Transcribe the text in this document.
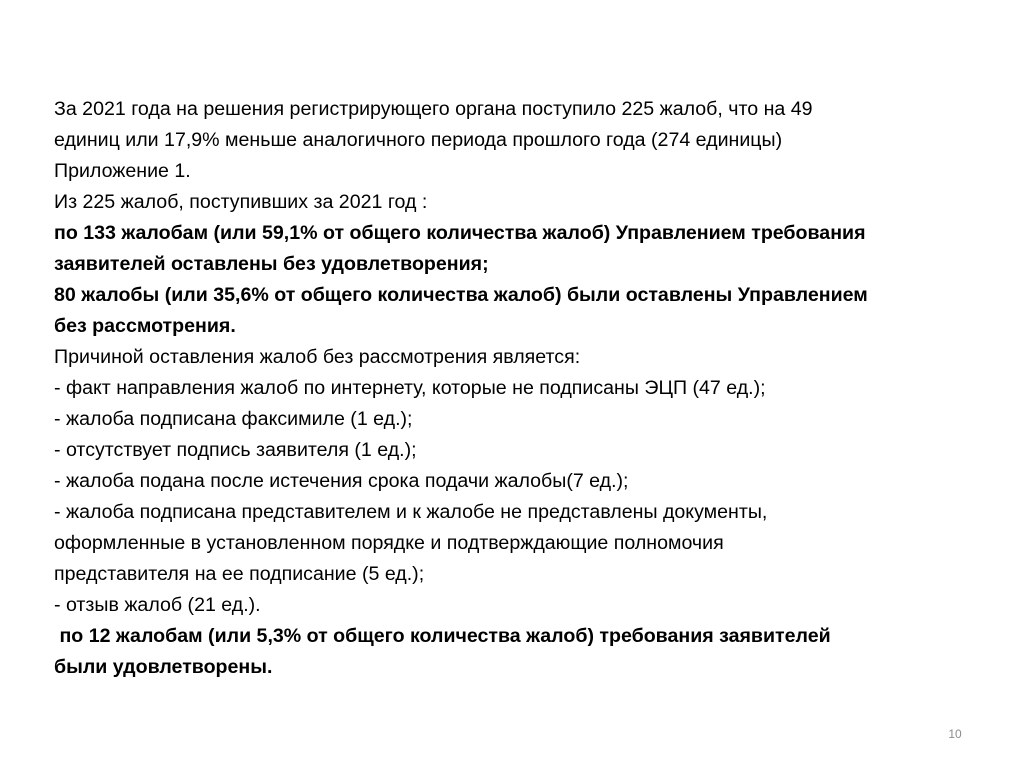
За 2021 года на решения регистрирующего органа поступило 225 жалоб, что на 49
единиц или 17,9% меньше аналогичного периода прошлого года (274 единицы)
Приложение 1.
Из 225 жалоб, поступивших за 2021 год :
по 133 жалобам (или 59,1% от общего количества жалоб) Управлением требования
заявителей оставлены без удовлетворения;
80 жалобы (или 35,6% от общего количества жалоб) были оставлены Управлением
без рассмотрения.
Причиной оставления жалоб без рассмотрения является:
- факт направления жалоб по интернету, которые не подписаны ЭЦП (47 ед.);
- жалоба подписана факсимиле (1 ед.);
- отсутствует подпись заявителя (1 ед.);
- жалоба подана после истечения срока подачи жалобы(7 ед.);
- жалоба подписана представителем и к жалобе не представлены документы,
оформленные в установленном порядке и подтверждающие полномочия
представителя на ее подписание (5 ед.);
- отзыв жалоб (21 ед.).
по 12 жалобам (или 5,3% от общего количества жалоб) требования заявителей
были удовлетворены.
10
